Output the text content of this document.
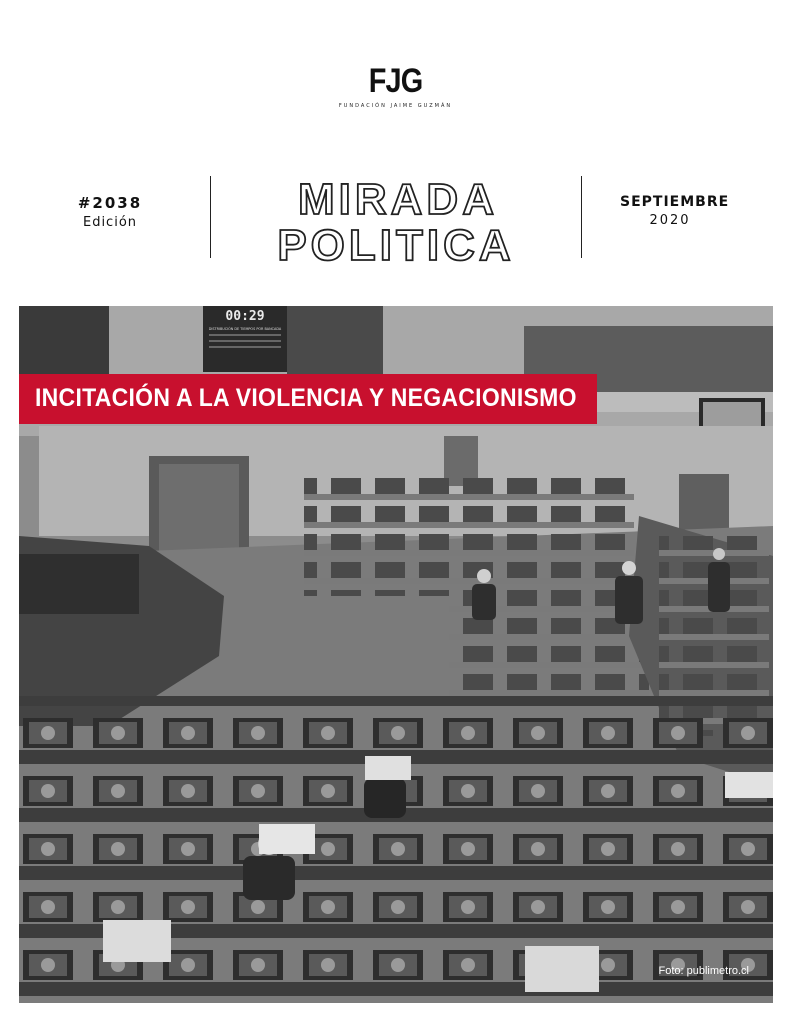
FJG
FUNDACIÓN JAIME GUZMÁN
#2038
Edición	MIRADA
POLITICA
SEPTIEMBRE
2020
00:29
DISTRIBUCIÓN DE TIEMPOS POR BANCADA
Foto: publimetro.cl
INCITACIÓN A LA VIOLENCIA Y NEGACIONISMO
